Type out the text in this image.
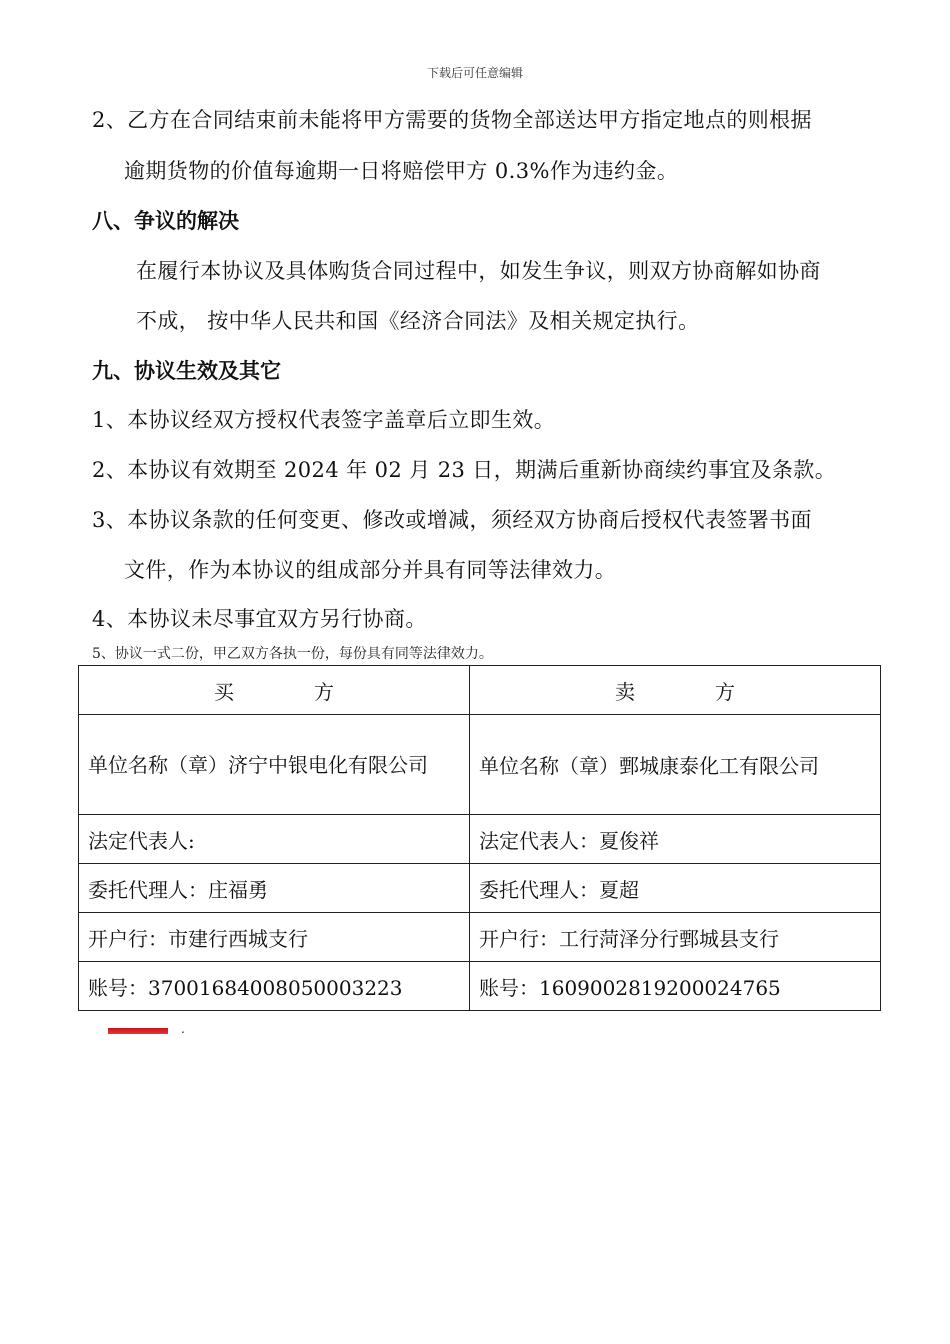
下载后可任意编辑
2、乙方在合同结束前未能将甲方需要的货物全部送达甲方指定地点的则根据
逾期货物的价值每逾期一日将赔偿甲方 0.3%作为违约金。
八、争议的解决
在履行本协议及具体购货合同过程中，如发生争议，则双方协商解如协商
不成， 按中华人民共和国《经济合同法》及相关规定执行。
九、协议生效及其它
1、本协议经双方授权代表签字盖章后立即生效。
2、本协议有效期至 2024 年 02 月 23 日，期满后重新协商续约事宜及条款。
3、本协议条款的任何变更、修改或增减，须经双方协商后授权代表签署书面
文件，作为本协议的组成部分并具有同等法律效力。
4、本协议未尽事宜双方另行协商。
5、协议一式二份，甲乙双方各执一份，每份具有同等法律效力。
买　　　　方	卖　　　　方
单位名称（章）济宁中银电化有限公司	单位名称（章）鄄城康泰化工有限公司
法定代表人:	法定代表人：夏俊祥
委托代理人：庄福勇	委托代理人：夏超
开户行：市建行西城支行	开户行：工行菏泽分行鄄城县支行
账号：37001684008050003223	账号：1609002819200024765
.
